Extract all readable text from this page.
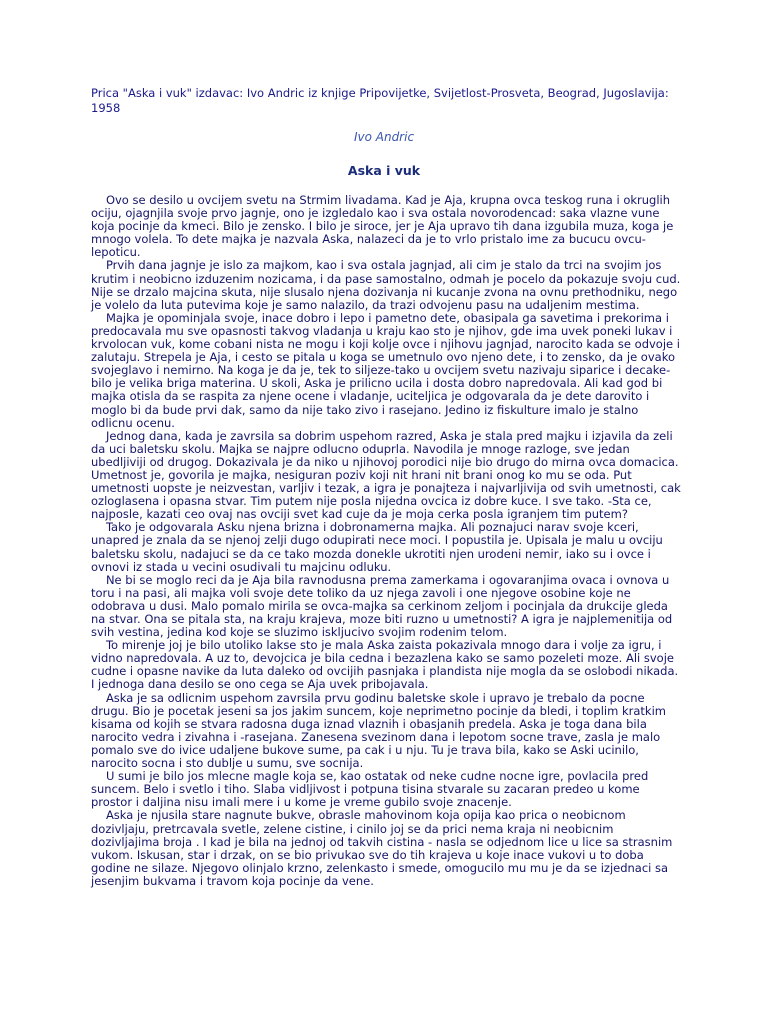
Prica "Aska i vuk" izdavac: Ivo Andric iz knjige Pripovijetke, Svijetlost-Prosveta, Beograd, Jugoslavija: 1958
Ivo Andric
Aska i vuk

Ovo se desilo u ovcijem svetu na Strmim livadama. Kad je Aja, krupna ovca teskog runa i okruglih ociju, ojagnjila svoje prvo jagnje, ono je izgledalo kao i sva ostala novorodencad: saka vlazne vune koja pocinje da kmeci. Bilo je zensko. I bilo je siroce, jer je Aja upravo tih dana izgubila muza, koga je mnogo volela. To dete majka je nazvala Aska, nalazeci da je to vrlo pristalo ime za bucucu ovcu-lepoticu.

Prvih dana jagnje je islo za majkom, kao i sva ostala jagnjad, ali cim je stalo da trci na svojim jos krutim i neobicno izduzenim nozicama, i da pase samostalno, odmah je pocelo da pokazuje svoju cud. Nije se drzalo majcina skuta, nije slusalo njena dozivanja ni kucanje zvona na ovnu prethodniku, nego je volelo da luta putevima koje je samo nalazilo, da trazi odvojenu pasu na udaljenim mestima.

Majka je opominjala svoje, inace dobro i lepo i pametno dete, obasipala ga savetima i prekorima i predocavala mu sve opasnosti takvog vladanja u kraju kao sto je njihov, gde ima uvek poneki lukav i krvolocan vuk, kome cobani nista ne mogu i koji kolje ovce i njihovu jagnjad, narocito kada se odvoje i zalutaju. Strepela je Aja, i cesto se pitala u koga se umetnulo ovo njeno dete, i to zensko, da je ovako svojeglavo i nemirno. Na koga je da je, tek to siljeze-tako u ovcijem svetu nazivaju siparice i decake-bilo je velika briga materina. U skoli, Aska je prilicno ucila i dosta dobro napredovala. Ali kad god bi majka otisla da se raspita za njene ocene i vladanje, uciteljica je odgovarala da je dete darovito i moglo bi da bude prvi dak, samo da nije tako zivo i rasejano. Jedino iz fiskulture imalo je stalno odlicnu ocenu.

Jednog dana, kada je zavrsila sa dobrim uspehom razred, Aska je stala pred majku i izjavila da zeli da uci baletsku skolu. Majka se najpre odlucno oduprla. Navodila je mnoge razloge, sve jedan ubedljiviji od drugog. Dokazivala je da niko u njihovoj porodici nije bio drugo do mirna ovca domacica. Umetnost je, govorila je majka, nesiguran poziv koji nit hrani nit brani onog ko mu se oda. Put umetnosti uopste je neizvestan, varljiv i tezak, a igra je ponajteza i najvarljivija od svih umetnosti, cak ozloglasena i opasna stvar. Tim putem nije posla nijedna ovcica iz dobre kuce. I sve tako. -Sta ce, najposle, kazati ceo ovaj nas ovciji svet kad cuje da je moja cerka posla igranjem tim putem?

Tako je odgovarala Asku njena brizna i dobronamerna majka. Ali poznajuci narav svoje kceri, unapred je znala da se njenoj zelji dugo odupirati nece moci. I popustila je. Upisala je malu u ovciju baletsku skolu, nadajuci se da ce tako mozda donekle ukrotiti njen urodeni nemir, iako su i ovce i ovnovi iz stada u vecini osudivali tu majcinu odluku.

Ne bi se moglo reci da je Aja bila ravnodusna prema zamerkama i ogovaranjima ovaca i ovnova u toru i na pasi, ali majka voli svoje dete toliko da uz njega zavoli i one njegove osobine koje ne odobrava u dusi. Malo pomalo mirila se ovca-majka sa cerkinom zeljom i pocinjala da drukcije gleda na stvar. Ona se pitala sta, na kraju krajeva, moze biti ruzno u umetnosti? A igra je najplemenitija od svih vestina, jedina kod koje se sluzimo iskljucivo svojim rodenim telom.

To mirenje joj je bilo utoliko lakse sto je mala Aska zaista pokazivala mnogo dara i volje za igru, i vidno napredovala. A uz to, devojcica je bila cedna i bezazlena kako se samo pozeleti moze. Ali svoje cudne i opasne navike da luta daleko od ovcijih pasnjaka i plandista nije mogla da se oslobodi nikada. I jednoga dana desilo se ono cega se Aja uvek pribojavala.

Aska je sa odlicnim uspehom zavrsila prvu godinu baletske skole i upravo je trebalo da pocne drugu. Bio je pocetak jeseni sa jos jakim suncem, koje neprimetno pocinje da bledi, i toplim kratkim kisama od kojih se stvara radosna duga iznad vlaznih i obasjanih predela. Aska je toga dana bila narocito vedra i zivahna i -rasejana. Zanesena svezinom dana i lepotom socne trave, zasla je malo pomalo sve do ivice udaljene bukove sume, pa cak i u nju. Tu je trava bila, kako se Aski ucinilo, narocito socna i sto dublje u sumu, sve socnija.

U sumi je bilo jos mlecne magle koja se, kao ostatak od neke cudne nocne igre, povlacila pred suncem. Belo i svetlo i tiho. Slaba vidljivost i potpuna tisina stvarale su zacaran predeo u kome prostor i daljina nisu imali mere i u kome je vreme gubilo svoje znacenje.

Aska je njusila stare nagnute bukve, obrasle mahovinom koja opija kao prica o neobicnom dozivljaju, pretrcavala svetle, zelene cistine, i cinilo joj se da prici nema kraja ni neobicnim dozivljajima broja . I kad je bila na jednoj od takvih cistina - nasla se odjednom lice u lice sa strasnim vukom. Iskusan, star i drzak, on se bio privukao sve do tih krajeva u koje inace vukovi u to doba godine ne silaze. Njegovo olinjalo krzno, zelenkasto i smede, omogucilo mu mu je da se izjednaci sa jesenjim bukvama i travom koja pocinje da vene.
